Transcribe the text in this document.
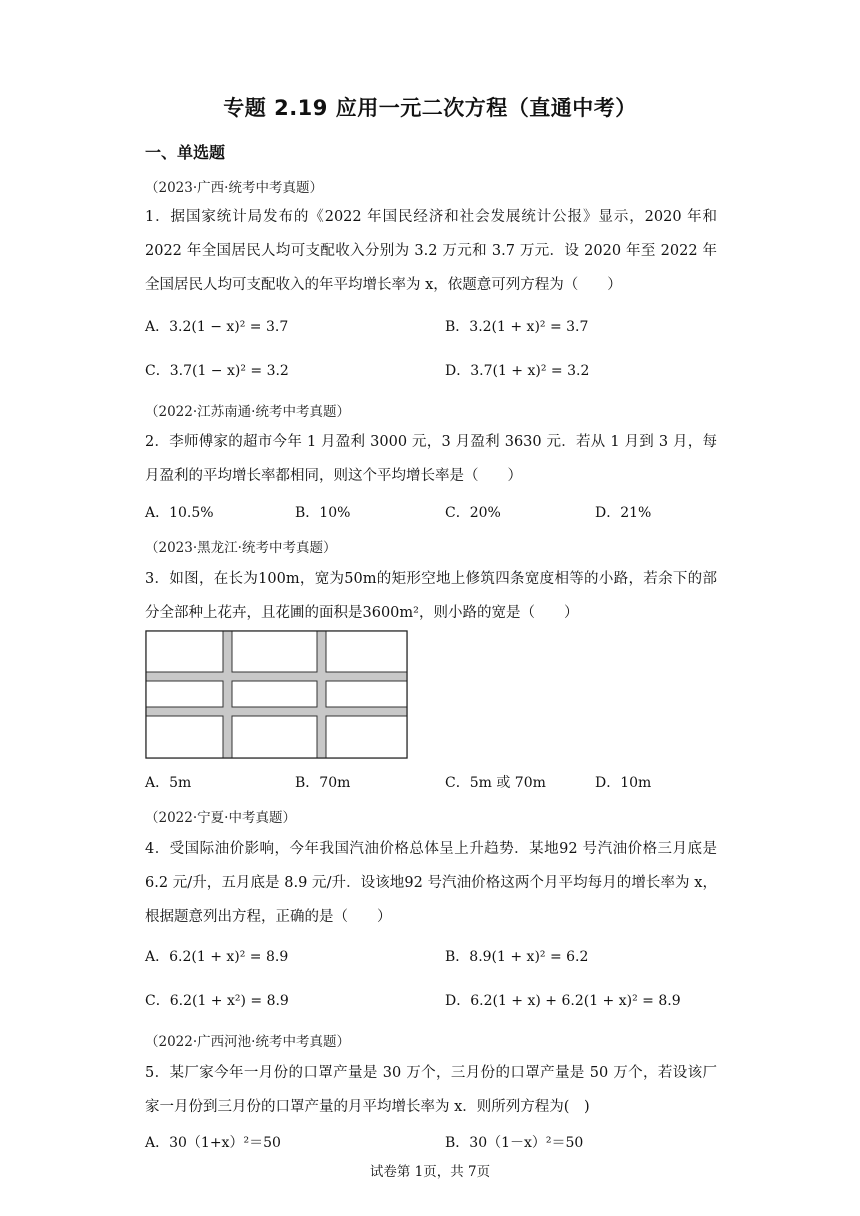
专题 2.19 应用一元二次方程（直通中考）
一、单选题
（2023·广西·统考中考真题）
1．据国家统计局发布的《2022 年国民经济和社会发展统计公报》显示，2020 年和 2022 年全国居民人均可支配收入分别为 3.2 万元和 3.7 万元．设 2020 年至 2022 年全国居民人均可支配收入的年平均增长率为 x，依题意可列方程为（　　）
A．3.2(1 − x)² = 3.7	B．3.2(1 + x)² = 3.7
C．3.7(1 − x)² = 3.2	D．3.7(1 + x)² = 3.2
（2022·江苏南通·统考中考真题）
2．李师傅家的超市今年 1 月盈利 3000 元，3 月盈利 3630 元．若从 1 月到 3 月，每月盈利的平均增长率都相同，则这个平均增长率是（　　）
A．10.5%	B．10%	C．20%	D．21%
（2023·黑龙江·统考中考真题）
3．如图，在长为100m，宽为50m的矩形空地上修筑四条宽度相等的小路，若余下的部分全部种上花卉，且花圃的面积是3600m²，则小路的宽是（　　）
A．5m	B．70m	C．5m 或 70m	D．10m
（2022·宁夏·中考真题）
4．受国际油价影响，今年我国汽油价格总体呈上升趋势．某地92 号汽油价格三月底是 6.2 元/升，五月底是 8.9 元/升．设该地92 号汽油价格这两个月平均每月的增长率为 x，根据题意列出方程，正确的是（　　）
A．6.2(1 + x)² = 8.9	B．8.9(1 + x)² = 6.2
C．6.2(1 + x²) = 8.9	D．6.2(1 + x) + 6.2(1 + x)² = 8.9
（2022·广西河池·统考中考真题）
5．某厂家今年一月份的口罩产量是 30 万个，三月份的口罩产量是 50 万个，若设该厂家一月份到三月份的口罩产量的月平均增长率为 x．则所列方程为(　)
A．30（1+x）²＝50	B．30（1－x）²＝50
试卷第 1页，共 7页
